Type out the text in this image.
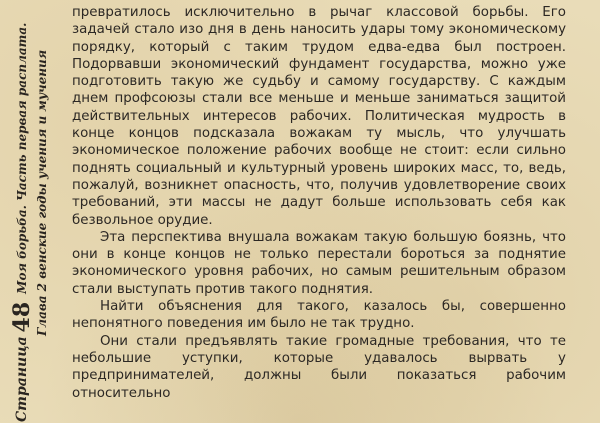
Страница
48
Моя борьба. Часть первая расплата. Глава 2 венские годы учения и мучения

превратилось исключительно в рычаг классовой борьбы. Его задачей стало изо дня в день наносить удары тому экономическому порядку, который с таким трудом едва-едва был построен. Подорвавши экономический фундамент государства, можно уже подготовить такую же судьбу и самому государству. С каждым днем профсоюзы стали все меньше и меньше заниматься защитой действительных интересов рабочих. Политическая мудрость в конце концов подсказала вожакам ту мысль, что улучшать экономическое положение рабочих вообще не стоит: если сильно поднять социальный и культурный уровень широких масс, то, ведь, пожалуй, возникнет опасность, что, получив удовлетворение своих требований, эти массы не дадут больше использовать себя как безвольное орудие.

Эта перспектива внушала вожакам такую большую боязнь, что они в конце концов не только перестали бороться за поднятие экономического уровня рабочих, но самым решительным образом стали выступать против такого поднятия.

Найти объяснения для такого, казалось бы, совершенно непонятного поведения им было не так трудно.

Они стали предъявлять такие громадные требования, что те небольшие уступки, которые удавалось вырвать у предпринимателей, должны были показаться рабочим относительно
